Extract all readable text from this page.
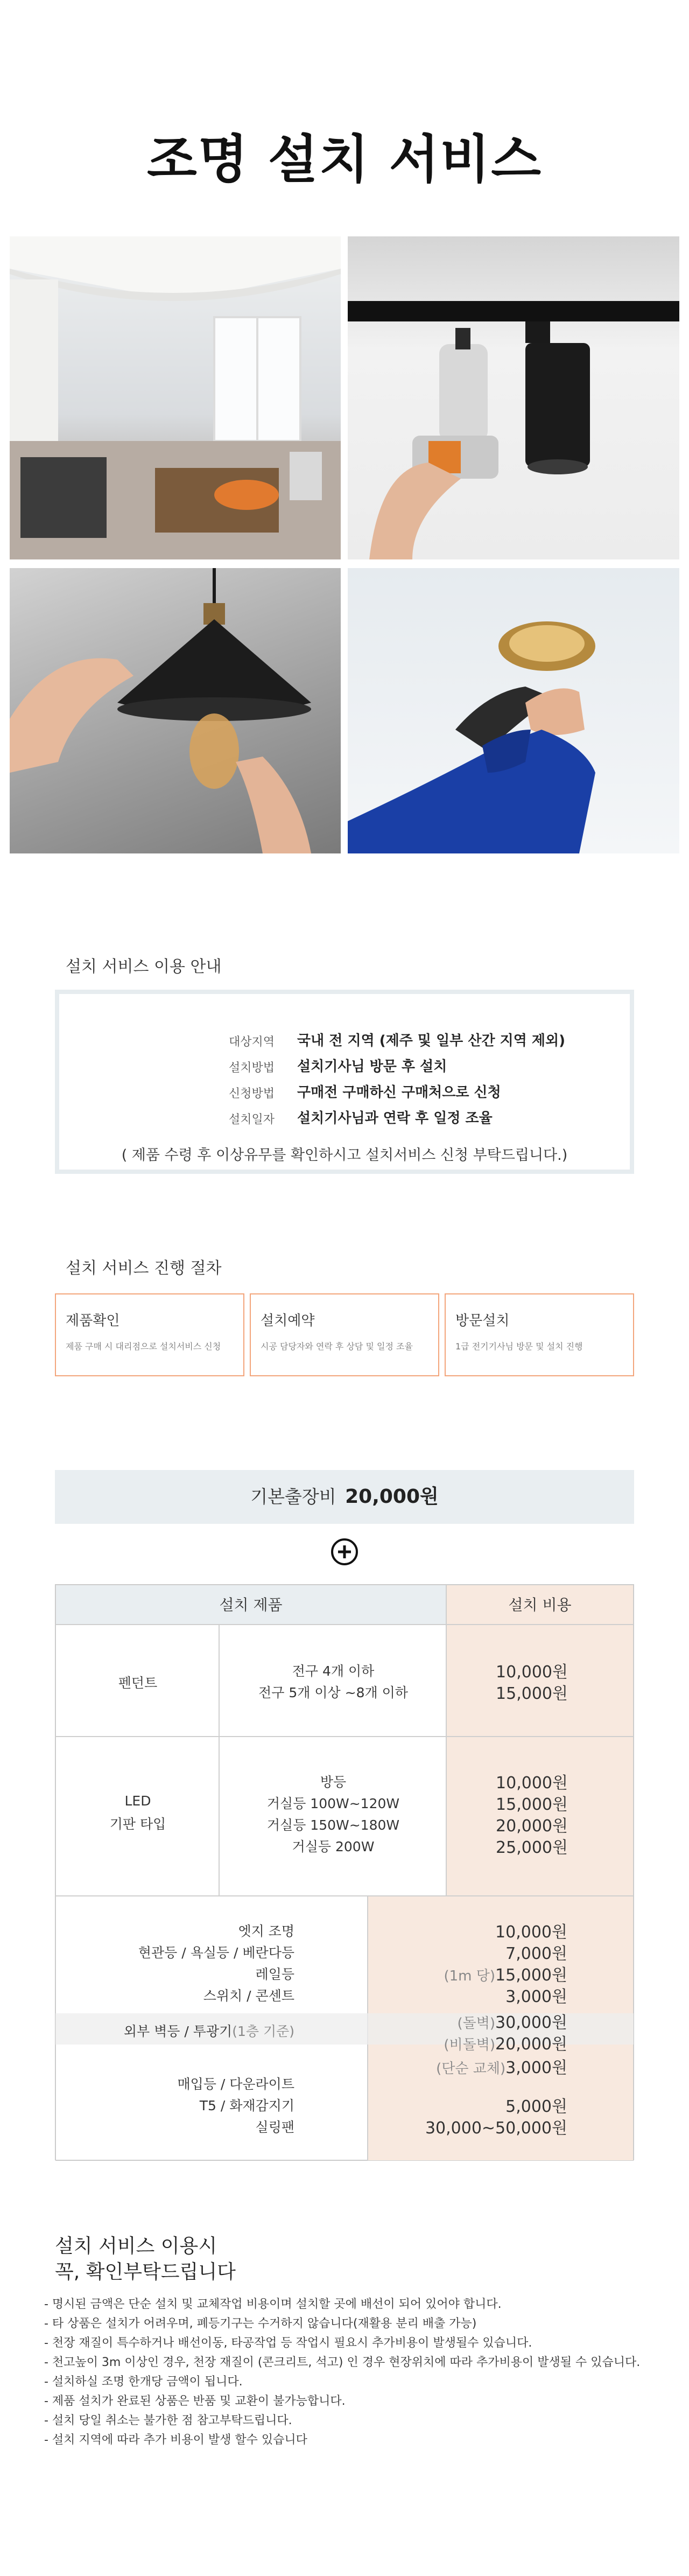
조명 설치 서비스
설치 서비스 이용 안내
대상지역 국내 전 지역 (제주 및 일부 산간 지역 제외)
설치방법 설치기사님 방문 후 설치
신청방법 구매전 구매하신 구매처으로 신청
설치일자 설치기사님과 연락 후 일정 조율
( 제품 수령 후 이상유무를 확인하시고 설치서비스 신청 부탁드립니다.)
설치 서비스 진행 절차
제품확인
제품 구매 시 대리점으로 설치서비스 신청
설치예약
시공 담당자와 연락 후 상담 및 일정 조율
방문설치
1급 전기기사님 방문 및 설치 진행
기본출장비 20,000원
설치 제품	설치 비용
펜던트
전구 4개 이하
전구 5개 이상 ~8개 이하
10,000원
15,000원
LED
기판 타입
방등
거실등 100W~120W
거실등 150W~180W
거실등 200W
10,000원
15,000원
20,000원
25,000원
엣지 조명
현관등 / 욕실등 / 베란다등
레일등
스위치 / 콘센트
외부 벽등 / 투광기(1층 기준)
매입등 / 다운라이트
T5 / 화재감지기
실링팬
10,000원
7,000원
(1m 당)15,000원
3,000원
(돌벽)30,000원
(비돌벽)20,000원
(단순 교체)3,000원
5,000원
30,000~50,000원
설치 서비스 이용시
꼭, 확인부탁드립니다
- 명시된 금액은 단순 설치 및 교체작업 비용이며 설치할 곳에 배선이 되어 있어야 합니다.
- 타 상품은 설치가 어려우며, 폐등기구는 수거하지 않습니다(재활용 분리 배출 가능)
- 천장 재질이 특수하거나 배선이동, 타공작업 등 작업시 필요시 추가비용이 발생될수 있습니다.
- 천고높이 3m 이상인 경우, 천장 재질이 (콘크리트, 석고) 인 경우 현장위치에 따라 추가비용이 발생될 수 있습니다.
- 설치하실 조명 한개당 금액이 됩니다.
- 제품 설치가 완료된 상품은 반품 및 교환이 불가능합니다.
- 설치 당일 취소는 불가한 점 참고부탁드립니다.
- 설치 지역에 따라 추가 비용이 발생 할수 있습니다
